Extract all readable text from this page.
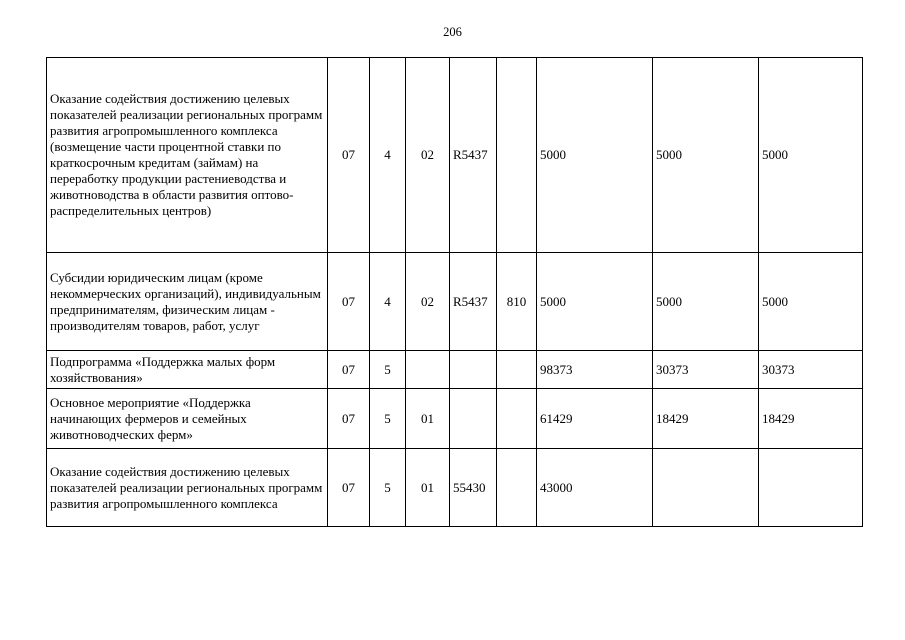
206
Оказание содействия достижению целевых показателей реализации региональных программ развития агропромышленного комплекса (возмещение части процентной ставки по краткосрочным кредитам (займам) на переработку продукции растениеводства и животноводства в области развития оптово-распределительных центров)	07	4	02	R5437		5000	5000	5000
Субсидии юридическим лицам (кроме некоммерческих организаций), индивидуальным предпринимателям, физическим лицам - производителям товаров, работ, услуг	07	4	02	R5437	810	5000	5000	5000
Подпрограмма «Поддержка малых форм хозяйствования»	07	5				98373	30373	30373
Основное мероприятие «Поддержка начинающих фермеров и семейных животноводческих ферм»	07	5	01			61429	18429	18429
Оказание содействия достижению целевых показателей реализации региональных программ развития агропромышленного комплекса	07	5	01	55430		43000		
